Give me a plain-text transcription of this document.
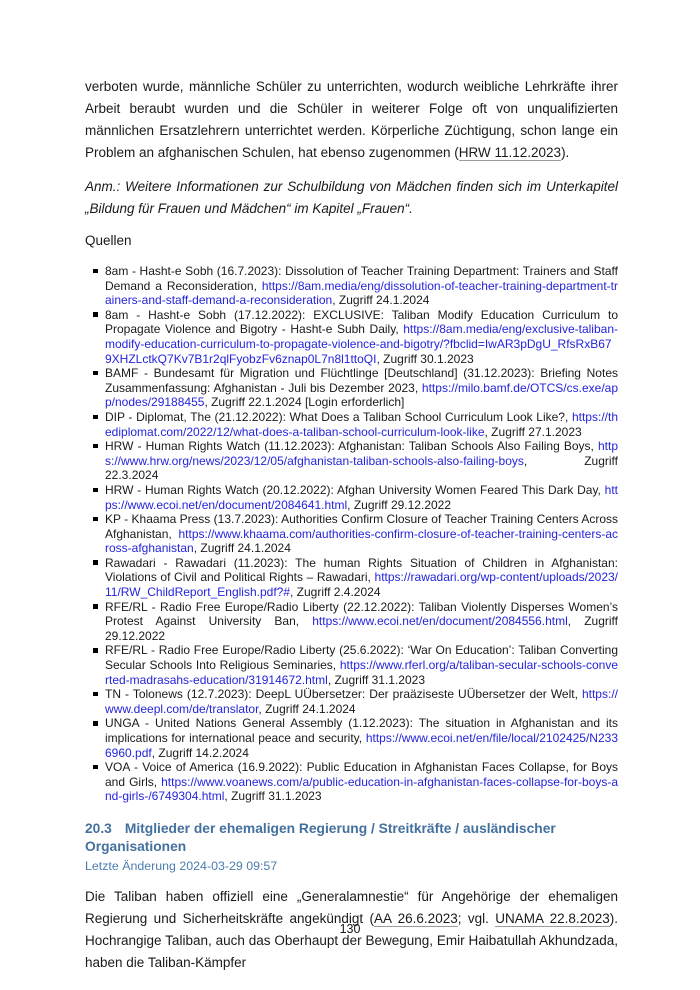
verboten wurde, männliche Schüler zu unterrichten, wodurch weibliche Lehrkräfte ihrer Arbeit beraubt wurden und die Schüler in weiterer Folge oft von unqualifizierten männlichen Ersatzlehrern unterrichtet werden. Körperliche Züchtigung, schon lange ein Problem an afghanischen Schulen, hat ebenso zugenommen (HRW 11.12.2023).

Anm.: Weitere Informationen zur Schulbildung von Mädchen finden sich im Unterkapitel „Bildung für Frauen und Mädchen“ im Kapitel „Frauen“.

Quellen

8am - Hasht-e Sobh (16.7.2023): Dissolution of Teacher Training Department: Trainers and Staff Demand a Reconsideration, https://8am.media/eng/dissolution-of-teacher-training-department-trainers-and-staff-demand-a-reconsideration, Zugriff 24.1.2024
8am - Hasht-e Sobh (17.12.2022): EXCLUSIVE: Taliban Modify Education Curriculum to Propagate Violence and Bigotry - Hasht-e Subh Daily, https://8am.media/eng/exclusive-taliban-modify-education-curriculum-to-propagate-violence-and-bigotry/?fbclid=IwAR3pDgU_RfsRxB679XHZLctkQ7Kv7B1r2qlFyobzFv6znap0L7n8l1ttoQI, Zugriff 30.1.2023
BAMF - Bundesamt für Migration und Flüchtlinge [Deutschland] (31.12.2023): Briefing Notes Zusammenfassung: Afghanistan - Juli bis Dezember 2023, https://milo.bamf.de/OTCS/cs.exe/app/nodes/29188455, Zugriff 22.1.2024 [Login erforderlich]
DIP - Diplomat, The (21.12.2022): What Does a Taliban School Curriculum Look Like?, https://thediplomat.com/2022/12/what-does-a-taliban-school-curriculum-look-like, Zugriff 27.1.2023
HRW - Human Rights Watch (11.12.2023): Afghanistan: Taliban Schools Also Failing Boys, https://www.hrw.org/news/2023/12/05/afghanistan-taliban-schools-also-failing-boys, Zugriff 22.3.2024
HRW - Human Rights Watch (20.12.2022): Afghan University Women Feared This Dark Day, https://www.ecoi.net/en/document/2084641.html, Zugriff 29.12.2022
KP - Khaama Press (13.7.2023): Authorities Confirm Closure of Teacher Training Centers Across Afghanistan, https://www.khaama.com/authorities-confirm-closure-of-teacher-training-centers-across-afghanistan, Zugriff 24.1.2024
Rawadari - Rawadari (11.2023): The human Rights Situation of Children in Afghanistan: Violations of Civil and Political Rights – Rawadari, https://rawadari.org/wp-content/uploads/2023/11/RW_ChildReport_English.pdf?#, Zugriff 2.4.2024
RFE/RL - Radio Free Europe/Radio Liberty (22.12.2022): Taliban Violently Disperses Women’s Protest Against University Ban, https://www.ecoi.net/en/document/2084556.html, Zugriff 29.12.2022
RFE/RL - Radio Free Europe/Radio Liberty (25.6.2022): ‘War On Education’: Taliban Converting Secular Schools Into Religious Seminaries, https://www.rferl.org/a/taliban-secular-schools-converted-madrasahs-education/31914672.html, Zugriff 31.1.2023
TN - Tolonews (12.7.2023): DeepL UÜbersetzer: Der praäziseste UÜbersetzer der Welt, https://www.deepl.com/de/translator, Zugriff 24.1.2024
UNGA - United Nations General Assembly (1.12.2023): The situation in Afghanistan and its implications for international peace and security, https://www.ecoi.net/en/file/local/2102425/N2336960.pdf, Zugriff 14.2.2024
VOA - Voice of America (16.9.2022): Public Education in Afghanistan Faces Collapse, for Boys and Girls, https://www.voanews.com/a/public-education-in-afghanistan-faces-collapse-for-boys-and-girls-/6749304.html, Zugriff 31.1.2023
20.3 Mitglieder der ehemaligen Regierung / Streitkräfte / ausländischer Organisationen
Letzte Änderung 2024-03-29 09:57

Die Taliban haben offiziell eine „Generalamnestie“ für Angehörige der ehemaligen Regierung und Sicherheitskräfte angekündigt (AA 26.6.2023; vgl. UNAMA 22.8.2023). Hochrangige Taliban, auch das Oberhaupt der Bewegung, Emir Haibatullah Akhundzada, haben die Taliban-Kämpfer

130
